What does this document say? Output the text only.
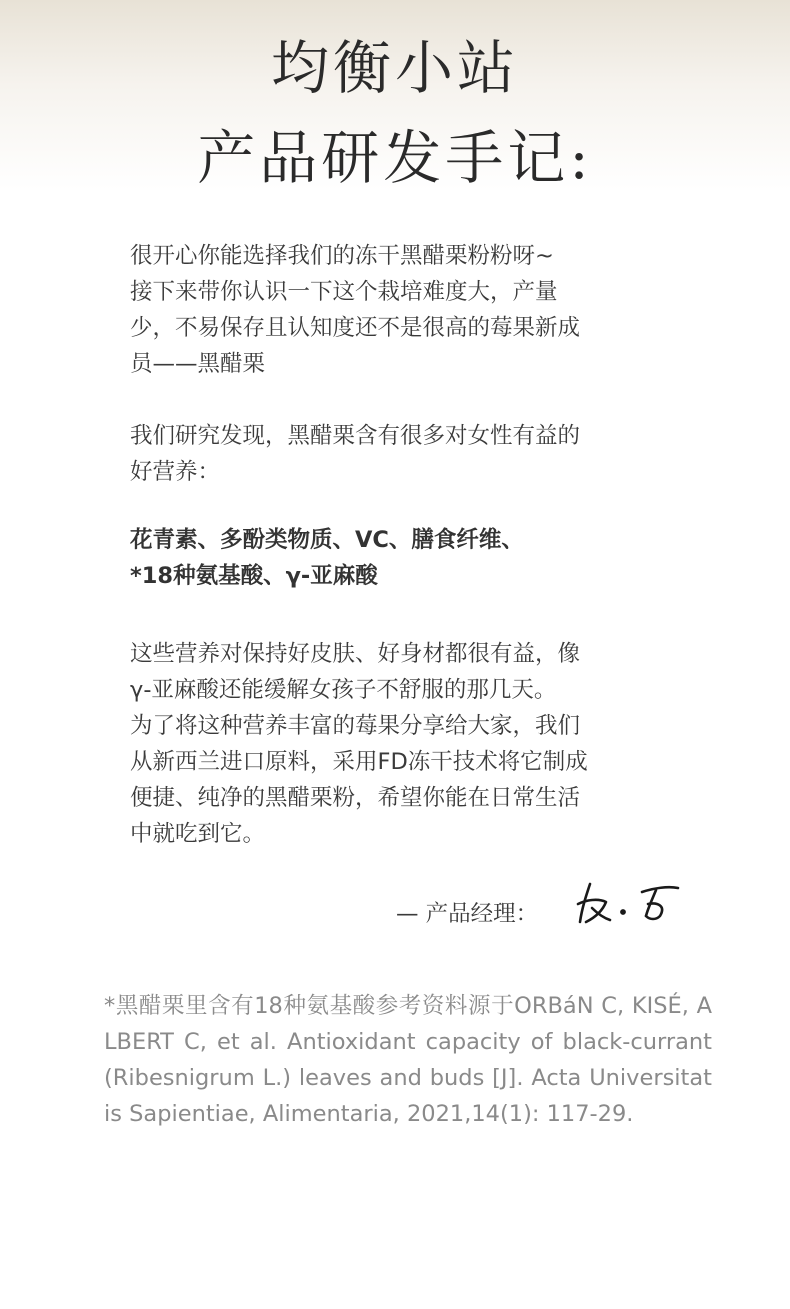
均衡小站
产品研发手记:

很开心你能选择我们的冻干黑醋栗粉粉呀~

接下来带你认识一下这个栽培难度大，产量

少，不易保存且认知度还不是很高的莓果新成

员——黑醋栗

我们研究发现，黑醋栗含有很多对女性有益的

好营养：

花青素、多酚类物质、VC、膳食纤维、

*18种氨基酸、γ-亚麻酸

这些营养对保持好皮肤、好身材都很有益，像

γ-亚麻酸还能缓解女孩子不舒服的那几天。

为了将这种营养丰富的莓果分享给大家，我们

从新西兰进口原料，采用FD冻干技术将它制成

便捷、纯净的黑醋栗粉，希望你能在日常生活

中就吃到它。

— 产品经理：

*黑醋栗里含有18种氨基酸参考资料源于ORBáN C, KISÉ, ALBERT C, et al. Antioxidant capacity of black-currant (Ribesnigrum L.) leaves and buds [J]. Acta Universitatis Sapientiae, Alimentaria, 2021,14(1): 117-29.
